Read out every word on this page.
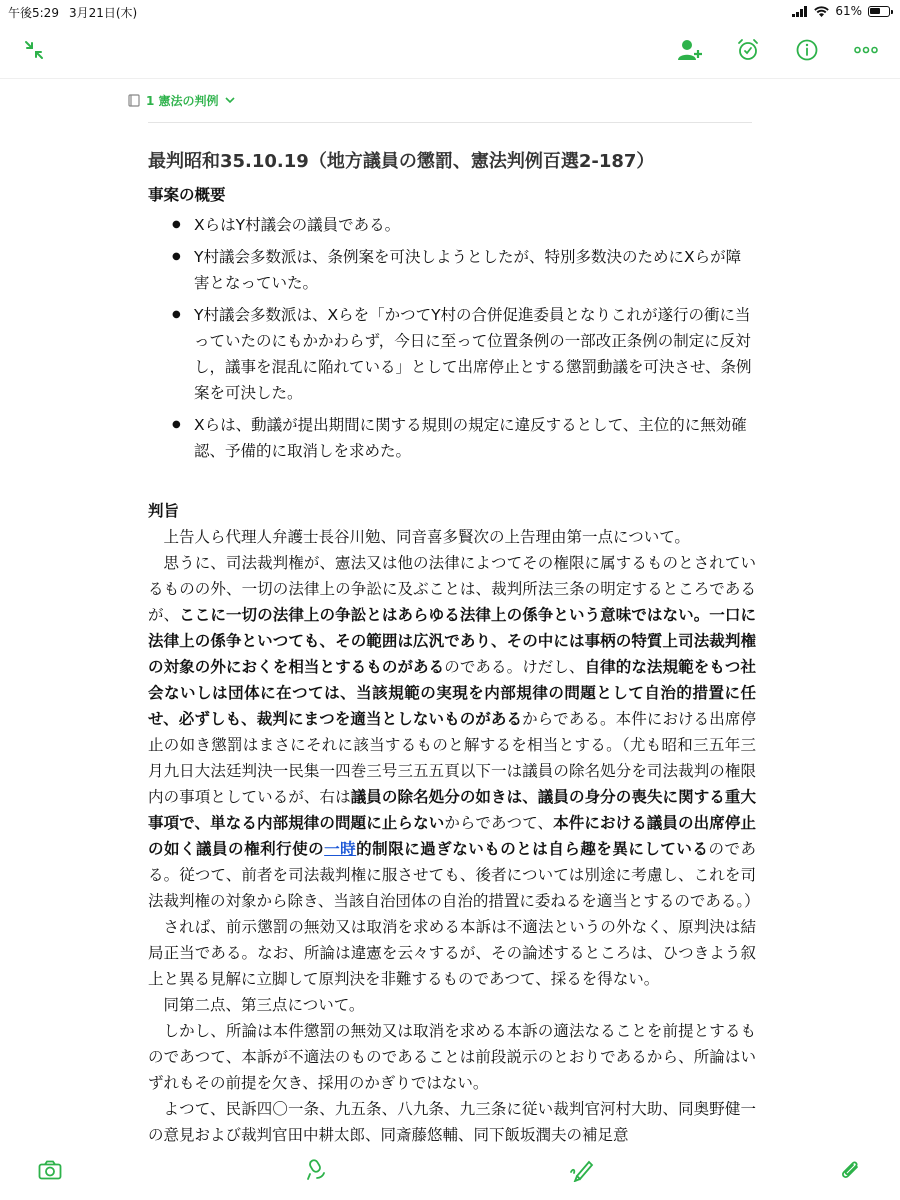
午後5:29 3月21日(木)	61%
1 憲法の判例
最判昭和35.10.19（地方議員の懲罰、憲法判例百選2-187）
事案の概要
● XらはY村議会の議員である。
● Y村議会多数派は、条例案を可決しようとしたが、特別多数決のためにXらが障害となっていた。
● Y村議会多数派は、Xらを「かつてY村の合併促進委員となりこれが遂行の衝に当っていたのにもかかわらず，今日に至って位置条例の一部改正条例の制定に反対し，議事を混乱に陥れている」として出席停止とする懲罰動議を可決させ、条例案を可決した。
● Xらは、動議が提出期間に関する規則の規定に違反するとして、主位的に無効確認、予備的に取消しを求めた。
判旨

上告人ら代理人弁護士長谷川勉、同音喜多賢次の上告理由第一点について。

思うに、司法裁判権が、憲法又は他の法律によつてその権限に属するものとされているものの外、一切の法律上の争訟に及ぶことは、裁判所法三条の明定するところであるが、ここに一切の法律上の争訟とはあらゆる法律上の係争という意味ではない。一口に法律上の係争といつても、その範囲は広汎であり、その中には事柄の特質上司法裁判権の対象の外におくを相当とするものがあるのである。けだし、自律的な法規範をもつ社会ないしは団体に在つては、当該規範の実現を内部規律の問題として自治的措置に任せ、必ずしも、裁判にまつを適当としないものがあるからである。本件における出席停止の如き懲罰はまさにそれに該当するものと解するを相当とする。（尤も昭和三五年三月九日大法廷判決一民集一四巻三号三五五頁以下一は議員の除名処分を司法裁判の権限内の事項としているが、右は議員の除名処分の如きは、議員の身分の喪失に関する重大事項で、単なる内部規律の問題に止らないからであつて、本件における議員の出席停止の如く議員の権利行使の一時的制限に過ぎないものとは自ら趣を異にしているのである。従つて、前者を司法裁判権に服させても、後者については別途に考慮し、これを司法裁判権の対象から除き、当該自治団体の自治的措置に委ねるを適当とするのである。）

されば、前示懲罰の無効又は取消を求める本訴は不適法というの外なく、原判決は結局正当である。なお、所論は違憲を云々するが、その論述するところは、ひつきよう叙上と異る見解に立脚して原判決を非難するものであつて、採るを得ない。

同第二点、第三点について。

しかし、所論は本件懲罰の無効又は取消を求める本訴の適法なることを前提とするものであつて、本訴が不適法のものであることは前段説示のとおりであるから、所論はいずれもその前提を欠き、採用のかぎりではない。

よつて、民訴四〇一条、九五条、八九条、九三条に従い裁判官河村大助、同奥野健一の意見および裁判官田中耕太郎、同斎藤悠輔、同下飯坂潤夫の補足意
